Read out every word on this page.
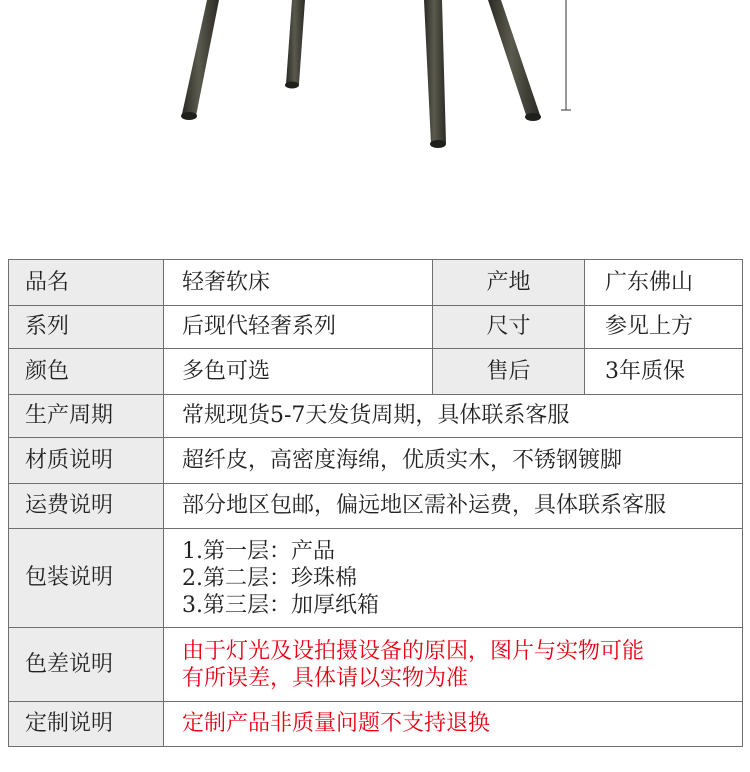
品名	轻奢软床	产地	广东佛山
系列	后现代轻奢系列	尺寸	参见上方
颜色	多色可选	售后	3年质保
生产周期	常规现货5-7天发货周期，具体联系客服		
材质说明	超纤皮，高密度海绵，优质实木，不锈钢镀脚		
运费说明	部分地区包邮，偏远地区需补运费，具体联系客服		
包装说明	1.第一层：产品
2.第二层：珍珠棉
3.第三层：加厚纸箱		

色差说明	由于灯光及设拍摄设备的原因，图片与实物可能
有所误差，具体请以实物为准		

定制说明	定制产品非质量问题不支持退换		
